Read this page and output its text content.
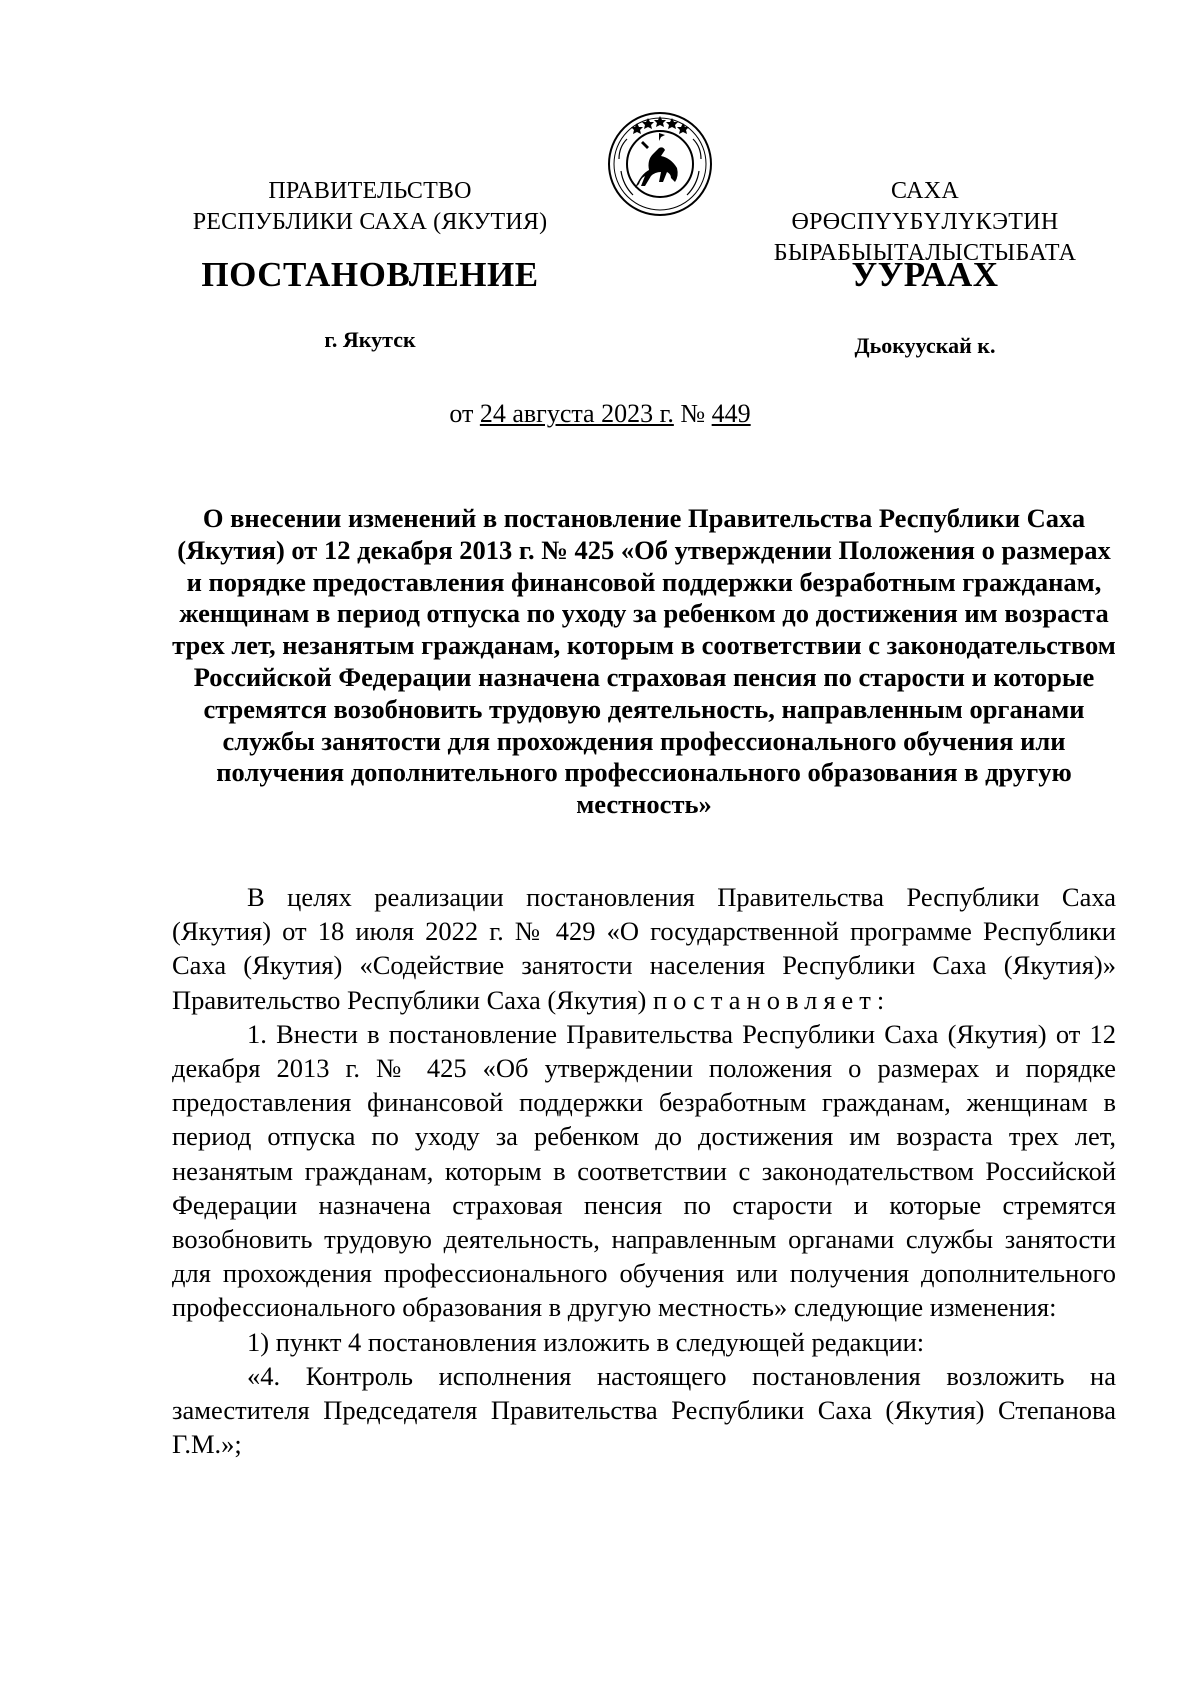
ПРАВИТЕЛЬСТВО
РЕСПУБЛИКИ САХА (ЯКУТИЯ)
САХА ӨРӨСПҮҮБҮЛҮКЭТИН
БЫРАБЫЫТАЛЫСТЫБАТА
ПОСТАНОВЛЕНИЕ	УУРААХ
г. Якутск	Дьокуускай к.
от 24 августа 2023 г. № 449
О внесении изменений в постановление Правительства Республики Саха (Якутия) от 12 декабря 2013 г. № 425 «Об утверждении Положения о размерах и порядке предоставления финансовой поддержки безработным гражданам, женщинам в период отпуска по уходу за ребенком до достижения им возраста трех лет, незанятым гражданам, которым в соответствии с законодательством Российской Федерации назначена страховая пенсия по старости и которые стремятся возобновить трудовую деятельность, направленным органами службы занятости для прохождения профессионального обучения или получения дополнительного профессионального образования в другую местность»

В целях реализации постановления Правительства Республики Саха (Якутия) от 18 июля 2022 г. № 429 «О государственной программе Республики Саха (Якутия) «Содействие занятости населения Республики Саха (Якутия)» Правительство Республики Саха (Якутия) постановляет:

1. Внести в постановление Правительства Республики Саха (Якутия) от 12 декабря 2013 г. № 425 «Об утверждении положения о размерах и порядке предоставления финансовой поддержки безработным гражданам, женщинам в период отпуска по уходу за ребенком до достижения им возраста трех лет, незанятым гражданам, которым в соответствии с законодательством Российской Федерации назначена страховая пенсия по старости и которые стремятся возобновить трудовую деятельность, направленным органами службы занятости для прохождения профессионального обучения или получения дополнительного профессионального образования в другую местность» следующие изменения:

1) пункт 4 постановления изложить в следующей редакции:

«4. Контроль исполнения настоящего постановления возложить на заместителя Председателя Правительства Республики Саха (Якутия) Степанова Г.М.»;
